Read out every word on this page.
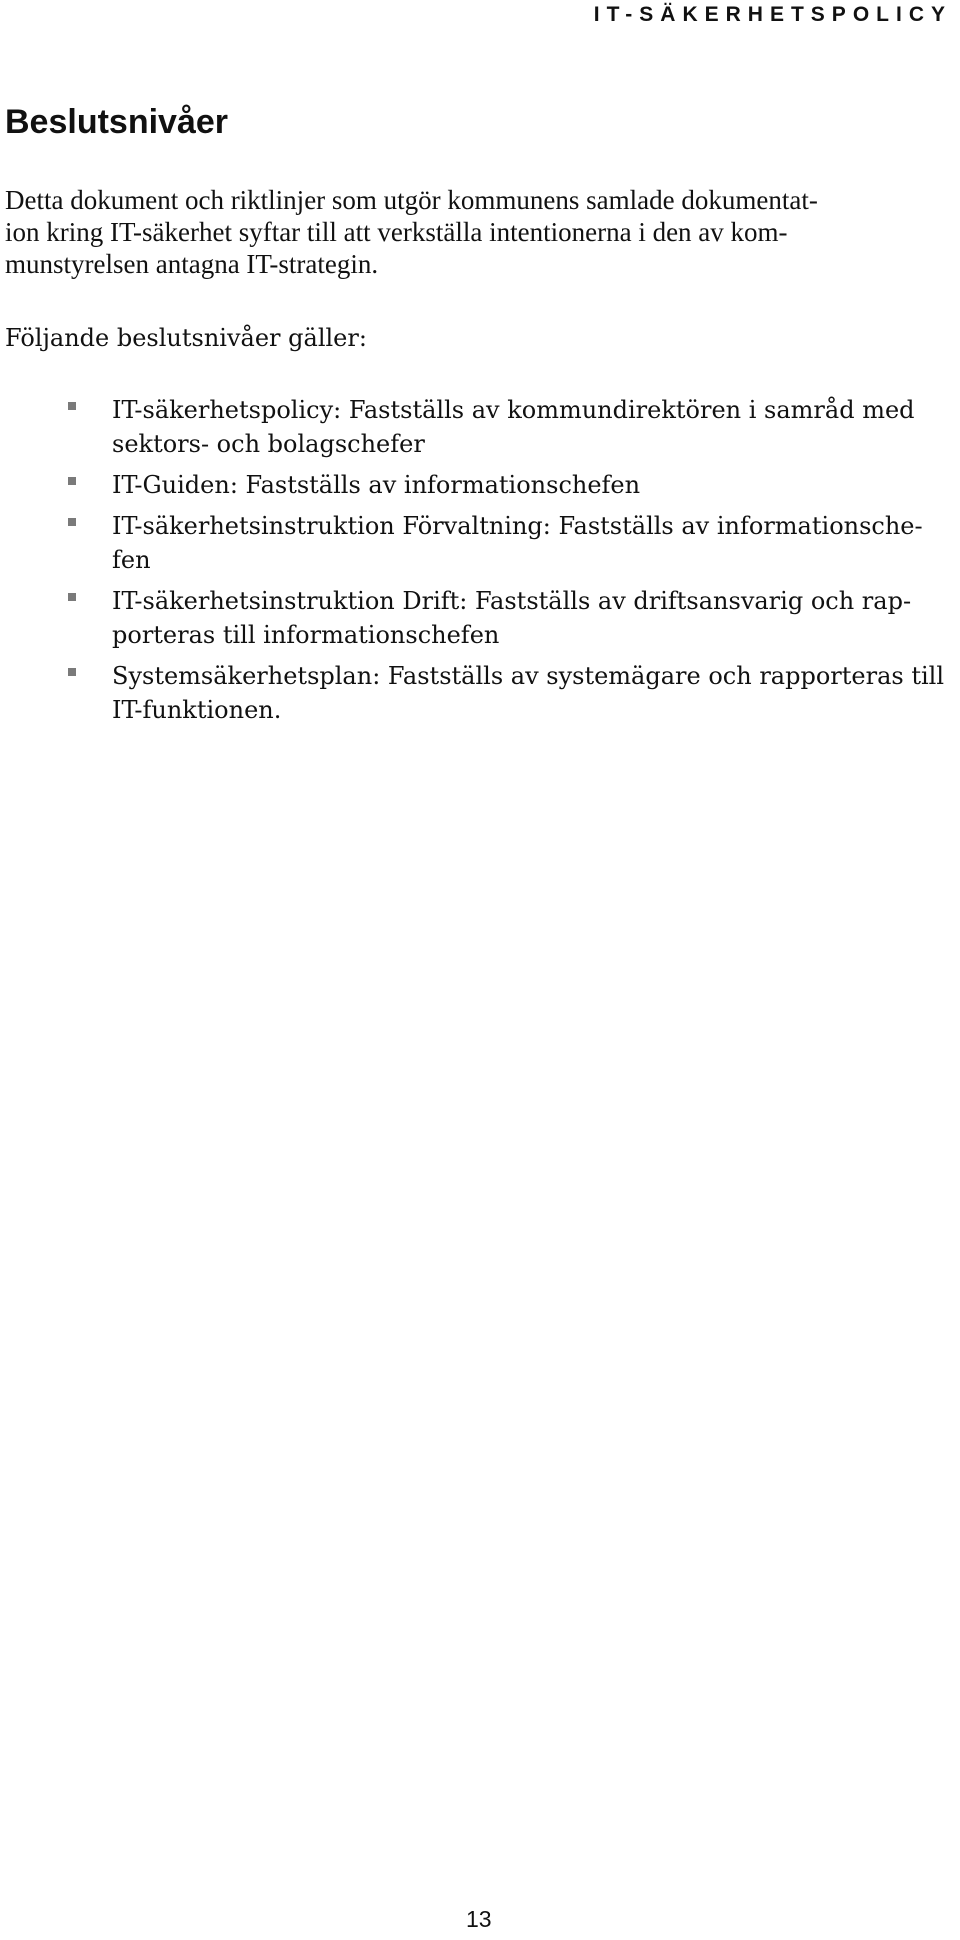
IT-SÄKERHETSPOLICY
Beslutsnivåer

Detta dokument och riktlinjer som utgör kommunens samlade dokumentat-
ion kring IT-säkerhet syftar till att verkställa intentionerna i den av kom-
munstyrelsen antagna IT-strategin.

Följande beslutsnivåer gäller:

IT-säkerhetspolicy: Fastställs av kommundirektören i samråd med
sektors- och bolagschefer
IT-Guiden: Fastställs av informationschefen
IT-säkerhetsinstruktion Förvaltning: Fastställs av informationsche-
fen
IT-säkerhetsinstruktion Drift: Fastställs av driftsansvarig och rap-
porteras till informationschefen
Systemsäkerhetsplan: Fastställs av systemägare och rapporteras till
IT-funktionen.
13
